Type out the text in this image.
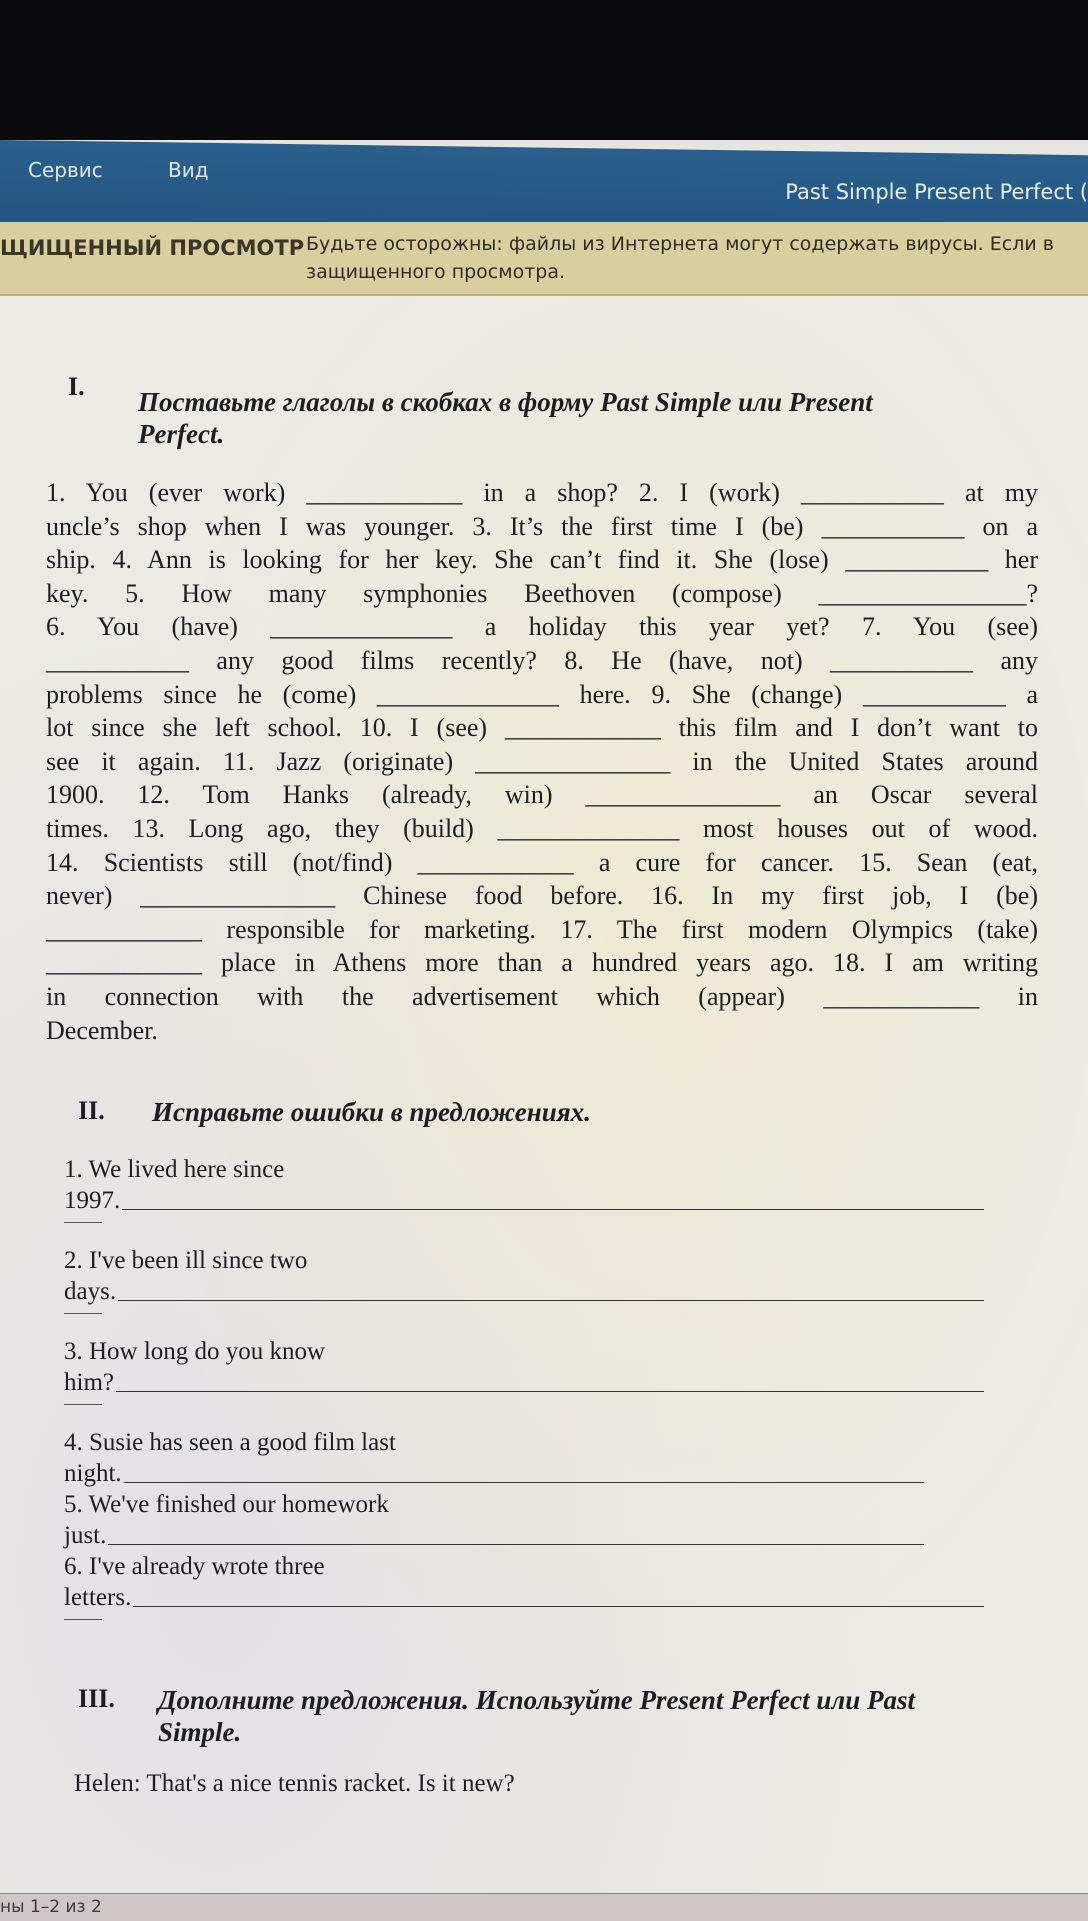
Сервис	Вид
Past Simple Present Perfect (
ЩИЩЕННЫЙ ПРОСМОТР Будьте осторожны: файлы из Интернета могут содержать вирусы. Если в
защищенного просмотра.
I.
Поставьте глаголы в скобках в форму Past Simple или Present
Perfect.
1. You (ever work) ____________ in a shop? 2. I (work) ___________ at my
uncle’s shop when I was younger. 3. It’s the first time I (be) ___________ on a
ship. 4. Ann is looking for her key. She can’t find it. She (lose) ___________ her
key. 5. How many symphonies Beethoven (compose) ________________?
6. You (have) ______________ a holiday this year yet? 7. You (see)
___________ any good films recently? 8. He (have, not) ___________ any
problems since he (come) ______________ here. 9. She (change) ___________ a
lot since she left school. 10. I (see) ____________ this film and I don’t want to
see it again. 11. Jazz (originate) _______________ in the United States around
1900. 12. Tom Hanks (already, win) _______________ an Oscar several
times. 13. Long ago, they (build) ______________ most houses out of wood.
14. Scientists still (not/find) ____________ a cure for cancer. 15. Sean (eat,
never) _______________ Chinese food before. 16. In my first job, I (be)
____________ responsible for marketing. 17. The first modern Olympics (take)
____________ place in Athens more than a hundred years ago. 18. I am writing
in connection with the advertisement which (appear) ____________ in
December.
II. Исправьте ошибки в предложениях.
1. We lived here since
1997.
2. I've been ill since two
days.
3. How long do you know
him?
4. Susie has seen a good film last
night.
5. We've finished our homework
just.
6. I've already wrote three
letters.
III. Дополните предложения. Используйте Present Perfect или Past
Simple.
Helen: That's a nice tennis racket. Is it new?
ны 1–2 из 2
